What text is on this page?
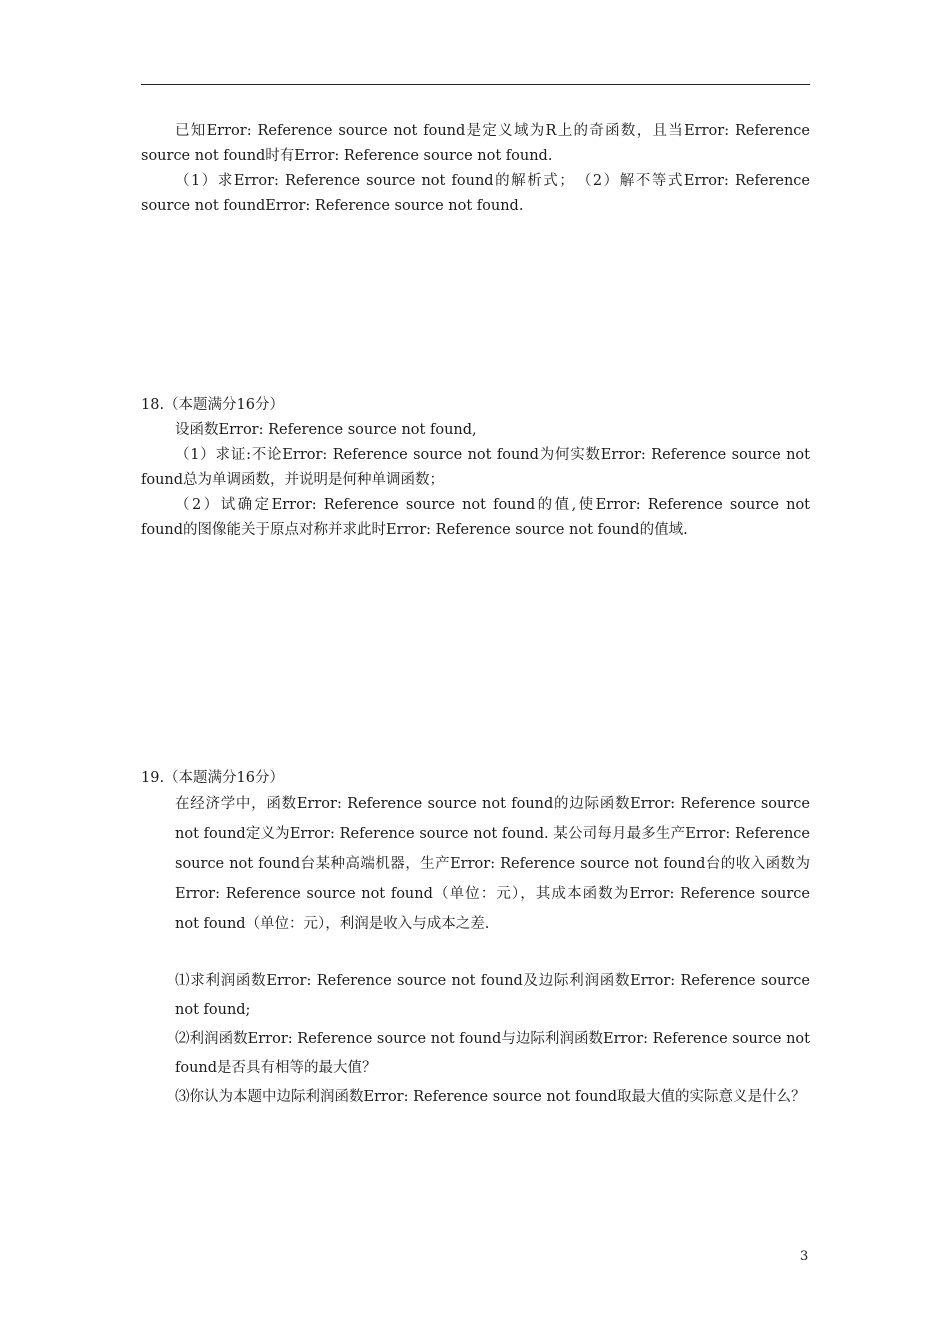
已知Error: Reference source not found是定义域为R上的奇函数，且当Error: Reference source not found时有Error: Reference source not found.

（1）求Error: Reference source not found的解析式；　（2）解不等式Error: Reference source not foundError: Reference source not found.

18.（本题满分16分）

设函数Error: Reference source not found,

（1）求证:不论Error: Reference source not found为何实数Error: Reference source not found总为单调函数，并说明是何种单调函数；

（2）试确定Error: Reference source not found的值,使Error: Reference source not found的图像能关于原点对称并求此时Error: Reference source not found的值域.

19.（本题满分16分）

在经济学中，函数Error: Reference source not found的边际函数Error: Reference source not found定义为Error: Reference source not found. 某公司每月最多生产Error: Reference source not found台某种高端机器，生产Error: Reference source not found台的收入函数为Error: Reference source not found（单位：元），其成本函数为Error: Reference source not found（单位：元），利润是收入与成本之差.

⑴求利润函数Error: Reference source not found及边际利润函数Error: Reference source not found;

⑵利润函数Error: Reference source not found与边际利润函数Error: Reference source not found是否具有相等的最大值？

⑶你认为本题中边际利润函数Error: Reference source not found取最大值的实际意义是什么？

3
